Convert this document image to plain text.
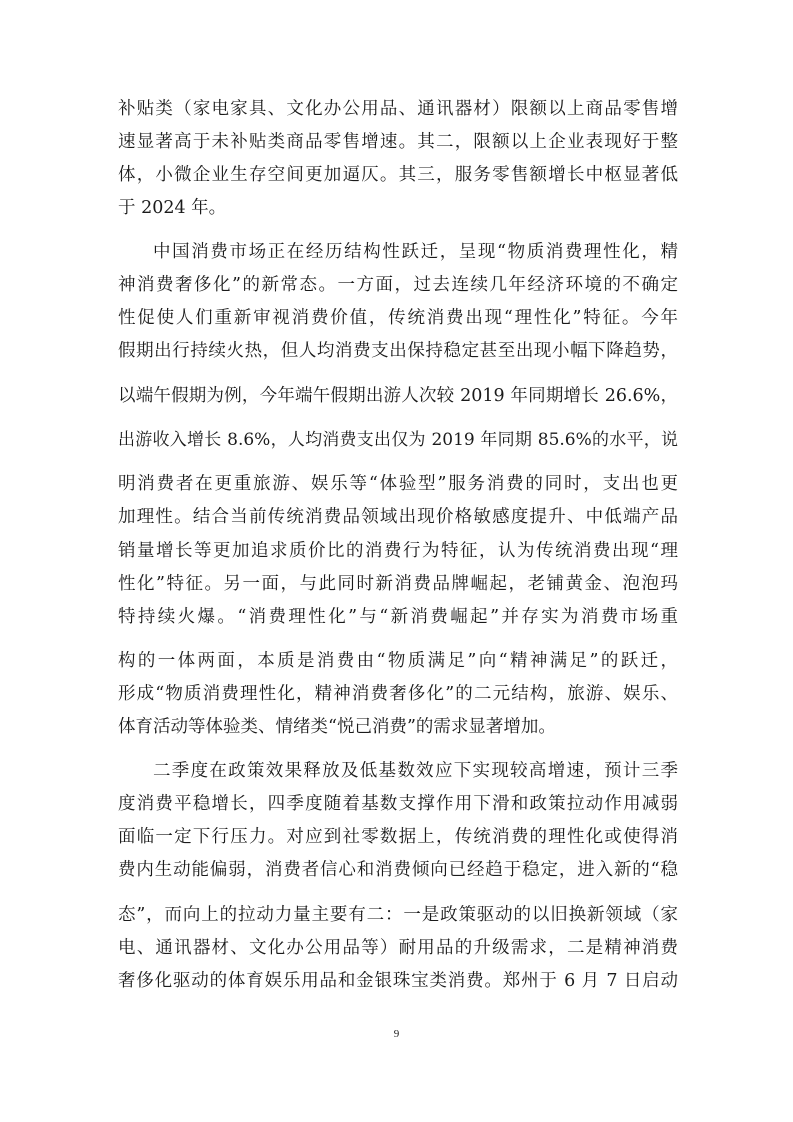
补贴类（家电家具、文化办公用品、通讯器材）限额以上商品零售增
速显著高于未补贴类商品零售增速。其二，限额以上企业表现好于整
体，小微企业生存空间更加逼仄。其三，服务零售额增长中枢显著低
于 2024 年。
中国消费市场正在经历结构性跃迁，呈现“物质消费理性化，精
神消费奢侈化”的新常态。一方面，过去连续几年经济环境的不确定
性促使人们重新审视消费价值，传统消费出现“理性化”特征。今年
假期出行持续火热，但人均消费支出保持稳定甚至出现小幅下降趋势，
以端午假期为例，今年端午假期出游人次较 2019 年同期增长 26.6%，
出游收入增长 8.6%，人均消费支出仅为 2019 年同期 85.6%的水平，说
明消费者在更重旅游、娱乐等“体验型”服务消费的同时，支出也更
加理性。结合当前传统消费品领域出现价格敏感度提升、中低端产品
销量增长等更加追求质价比的消费行为特征，认为传统消费出现“理
性化”特征。另一面，与此同时新消费品牌崛起，老铺黄金、泡泡玛
特持续火爆。“消费理性化”与“新消费崛起”并存实为消费市场重
构的一体两面，本质是消费由“物质满足”向“精神满足”的跃迁，
形成“物质消费理性化，精神消费奢侈化”的二元结构，旅游、娱乐、
体育活动等体验类、情绪类“悦己消费”的需求显著增加。
二季度在政策效果释放及低基数效应下实现较高增速，预计三季
度消费平稳增长，四季度随着基数支撑作用下滑和政策拉动作用减弱
面临一定下行压力。对应到社零数据上，传统消费的理性化或使得消
费内生动能偏弱，消费者信心和消费倾向已经趋于稳定，进入新的“稳
态”，而向上的拉动力量主要有二：一是政策驱动的以旧换新领域（家
电、通讯器材、文化办公用品等）耐用品的升级需求，二是精神消费
奢侈化驱动的体育娱乐用品和金银珠宝类消费。郑州于 6 月 7 日启动
9
